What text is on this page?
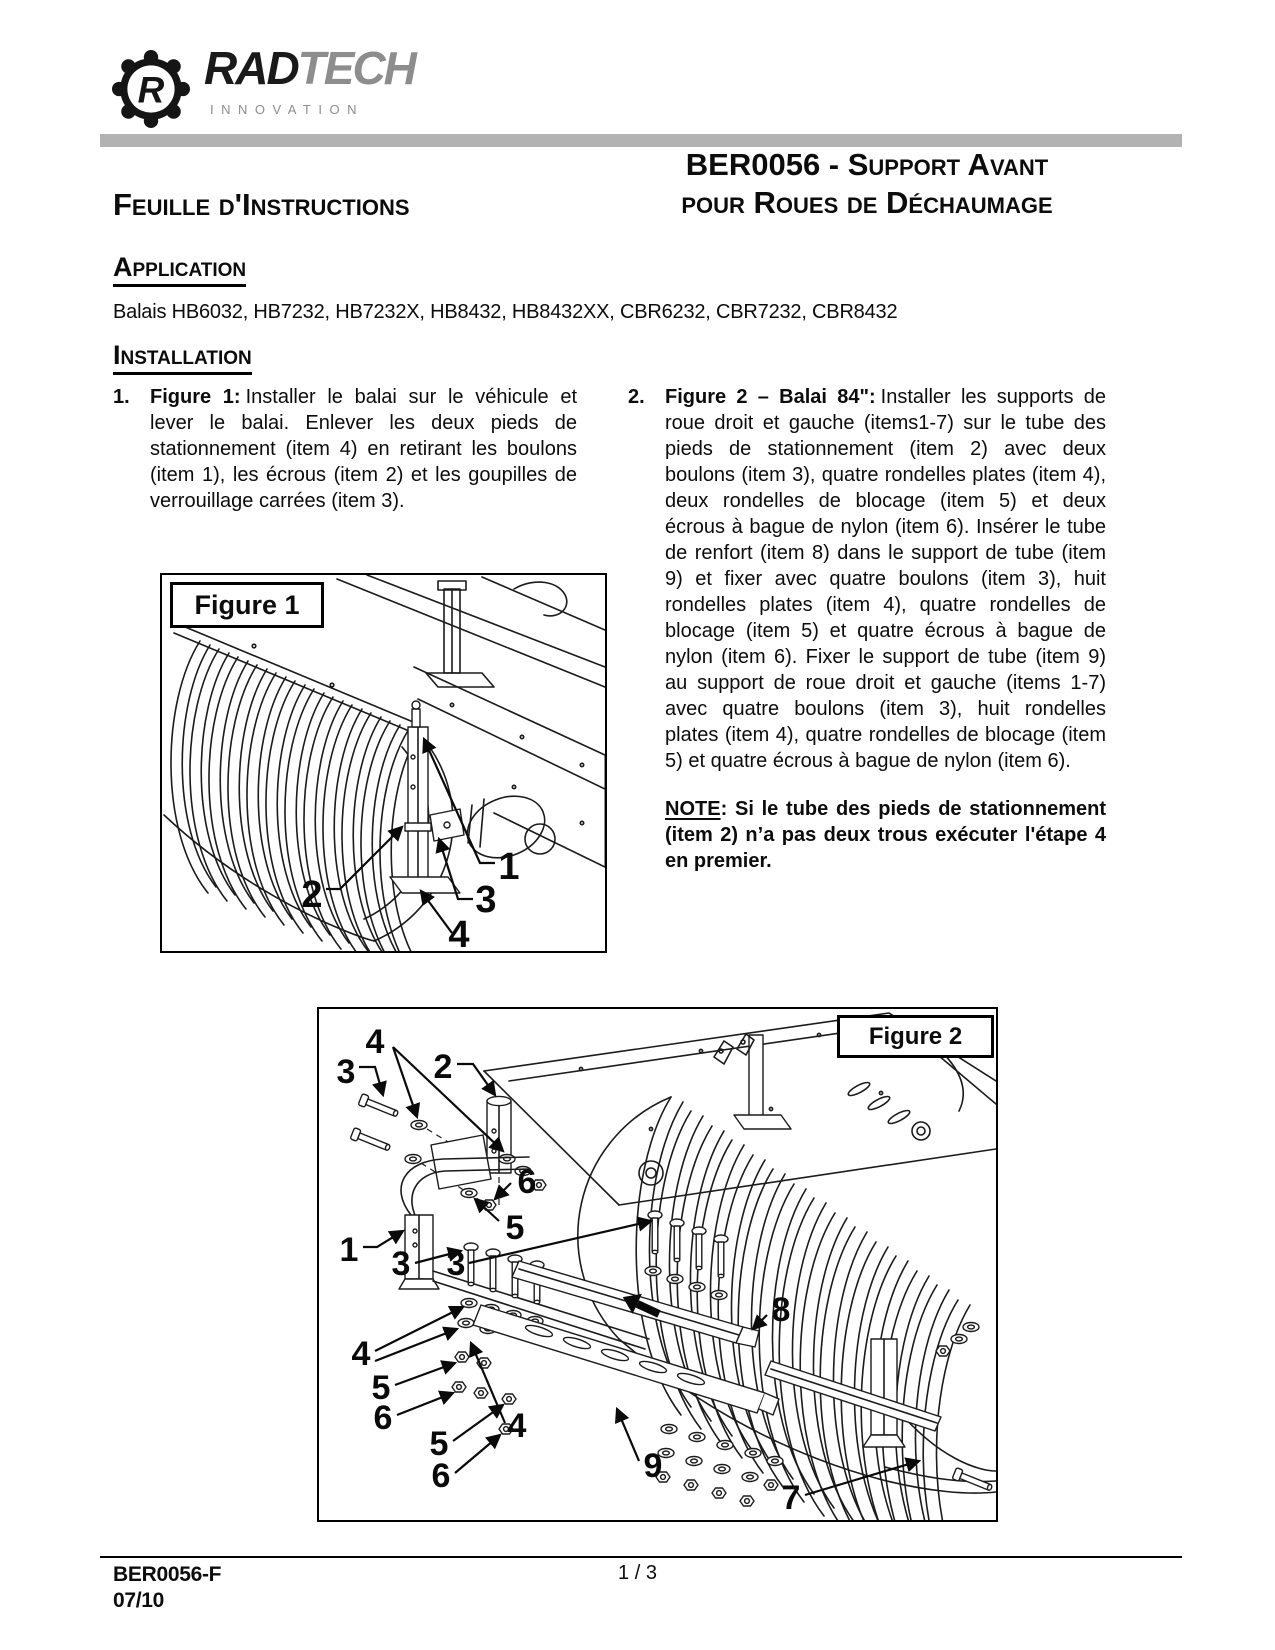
R RADTECH
INNOVATION
BER0056 - Support Avant
pour Roues de Déchaumage
Feuille d'Instructions
Application
Balais HB6032, HB7232, HB7232X, HB8432, HB8432XX, CBR6232, CBR7232, CBR8432
Installation
1.	Figure 1: Installer le balai sur le véhicule et lever le balai. Enlever les deux pieds de stationnement (item 4) en retirant les boulons (item 1), les écrous (item 2) et les goupilles de verrouillage carrées (item 3).

2.	Figure 2 – Balai 84": Installer les supports de roue droit et gauche (items1-7) sur le tube des pieds de stationnement (item 2) avec deux boulons (item 3), quatre rondelles plates (item 4), deux rondelles de blocage (item 5) et deux écrous à bague de nylon (item 6). Insérer le tube de renfort (item 8) dans le support de tube (item 9) et fixer avec quatre boulons (item 3), huit rondelles plates (item 4), quatre rondelles de blocage (item 5) et quatre écrous à bague de nylon (item 6). Fixer le support de tube (item 9) au support de roue droit et gauche (items 1-7) avec quatre boulons (item 3), huit rondelles plates (item 4), quatre rondelles de blocage (item 5) et quatre écrous à bague de nylon (item 6).

NOTE: Si le tube des pieds de stationnement (item 2) n’a pas deux trous exécuter l'étape 4 en premier.
Figure 1
1
2	3
4
Figure 2
4
3 2
6
5
1 3 3
4
5
6
5
6
4
8
9
7
BER0056-F
07/10
1 / 3
